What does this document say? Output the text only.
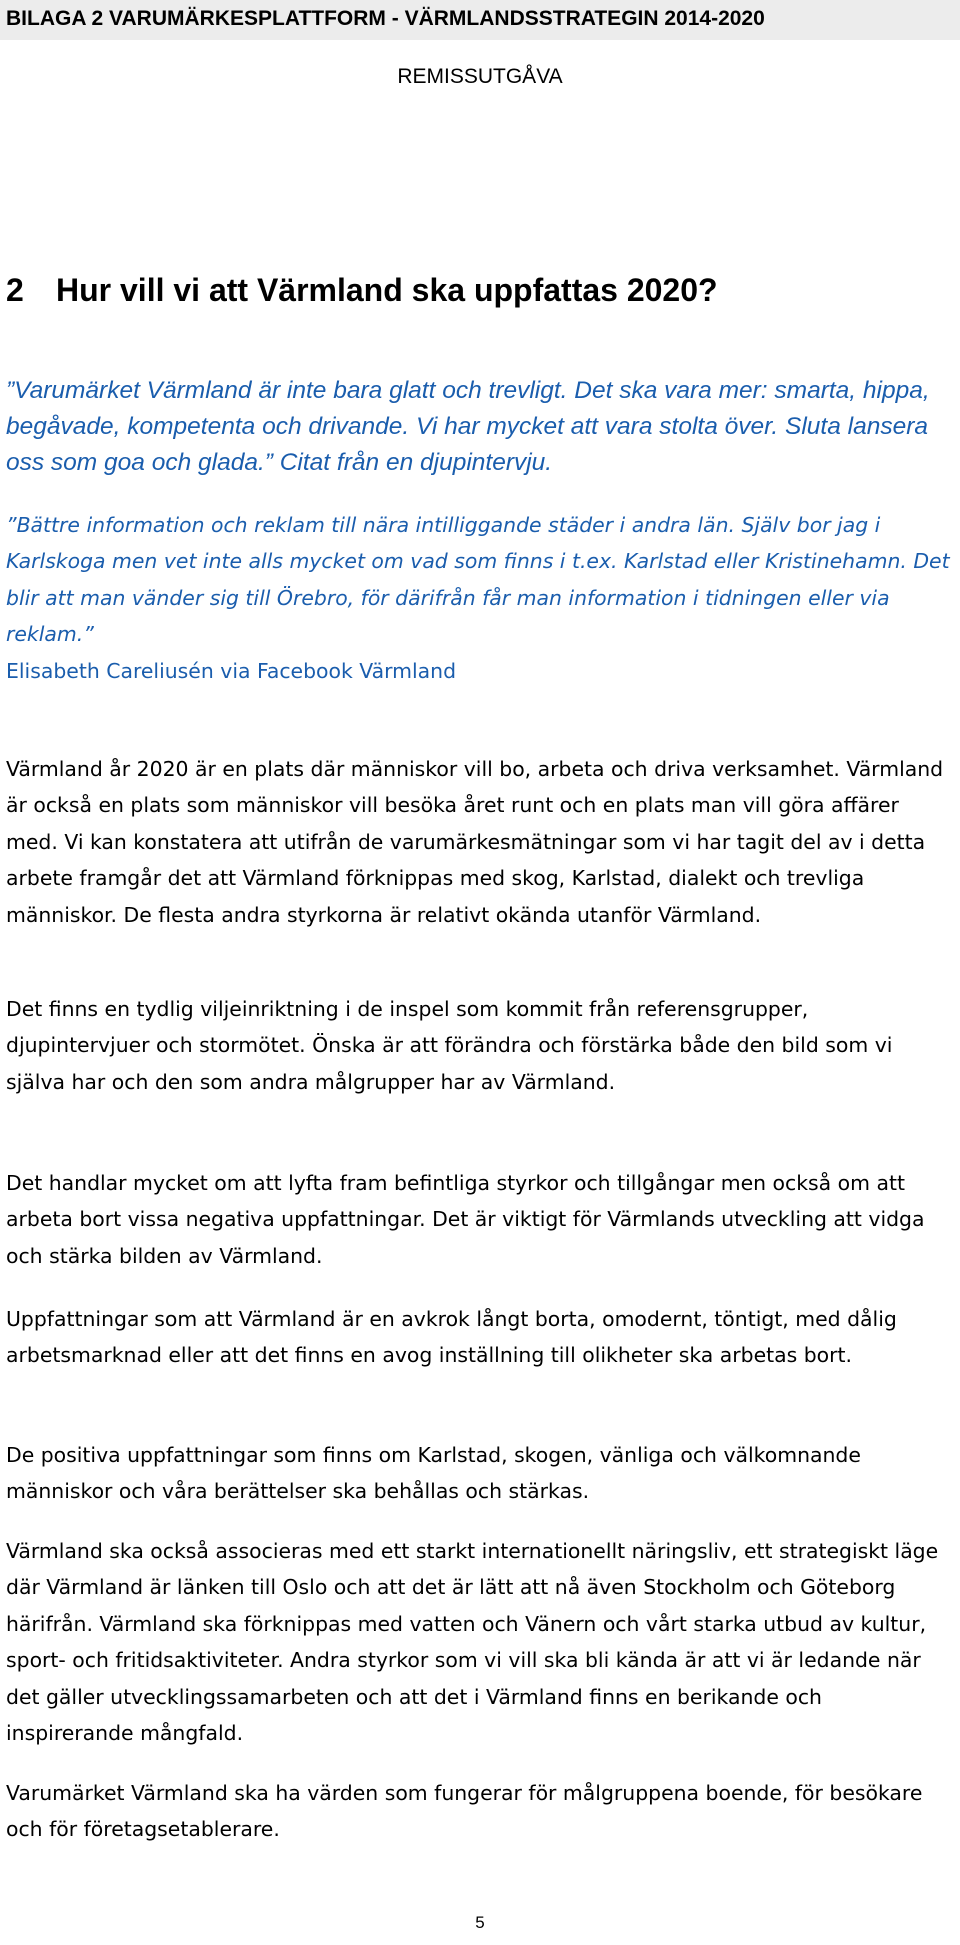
BILAGA 2 VARUMÄRKESPLATTFORM - VÄRMLANDSSTRATEGIN 2014-2020
REMISSUTGÅVA
2 Hur vill vi att Värmland ska uppfattas 2020?

”Varumärket Värmland är inte bara glatt och trevligt. Det ska vara mer: smarta, hippa, begåvade, kompetenta och drivande. Vi har mycket att vara stolta över. Sluta lansera oss som goa och glada.” Citat från en djupintervju.

”Bättre information och reklam till nära intilliggande städer i andra län. Själv bor jag i Karlskoga men vet inte alls mycket om vad som finns i t.ex. Karlstad eller Kristinehamn. Det blir att man vänder sig till Örebro, för därifrån får man information i tidningen eller via reklam.”
Elisabeth Careliusén via Facebook Värmland

Värmland år 2020 är en plats där människor vill bo, arbeta och driva verksamhet. Värmland är också en plats som människor vill besöka året runt och en plats man vill göra affärer med. Vi kan konstatera att utifrån de varumärkesmätningar som vi har tagit del av i detta arbete framgår det att Värmland förknippas med skog, Karlstad, dialekt och trevliga människor. De flesta andra styrkorna är relativt okända utanför Värmland.

Det finns en tydlig viljeinriktning i de inspel som kommit från referensgrupper, djupintervjuer och stormötet. Önska är att förändra och förstärka både den bild som vi själva har och den som andra målgrupper har av Värmland.

Det handlar mycket om att lyfta fram befintliga styrkor och tillgångar men också om att arbeta bort vissa negativa uppfattningar. Det är viktigt för Värmlands utveckling att vidga och stärka bilden av Värmland.

Uppfattningar som att Värmland är en avkrok långt borta, omodernt, töntigt, med dålig arbetsmarknad eller att det finns en avog inställning till olikheter ska arbetas bort.

De positiva uppfattningar som finns om Karlstad, skogen, vänliga och välkomnande människor och våra berättelser ska behållas och stärkas.

Värmland ska också associeras med ett starkt internationellt näringsliv, ett strategiskt läge där Värmland är länken till Oslo och att det är lätt att nå även Stockholm och Göteborg härifrån. Värmland ska förknippas med vatten och Vänern och vårt starka utbud av kultur, sport- och fritidsaktiviteter. Andra styrkor som vi vill ska bli kända är att vi är ledande när det gäller utvecklingssamarbeten och att det i Värmland finns en berikande och inspirerande mångfald.

Varumärket Värmland ska ha värden som fungerar för målgruppena boende, för besökare och för företagsetablerare.

5
